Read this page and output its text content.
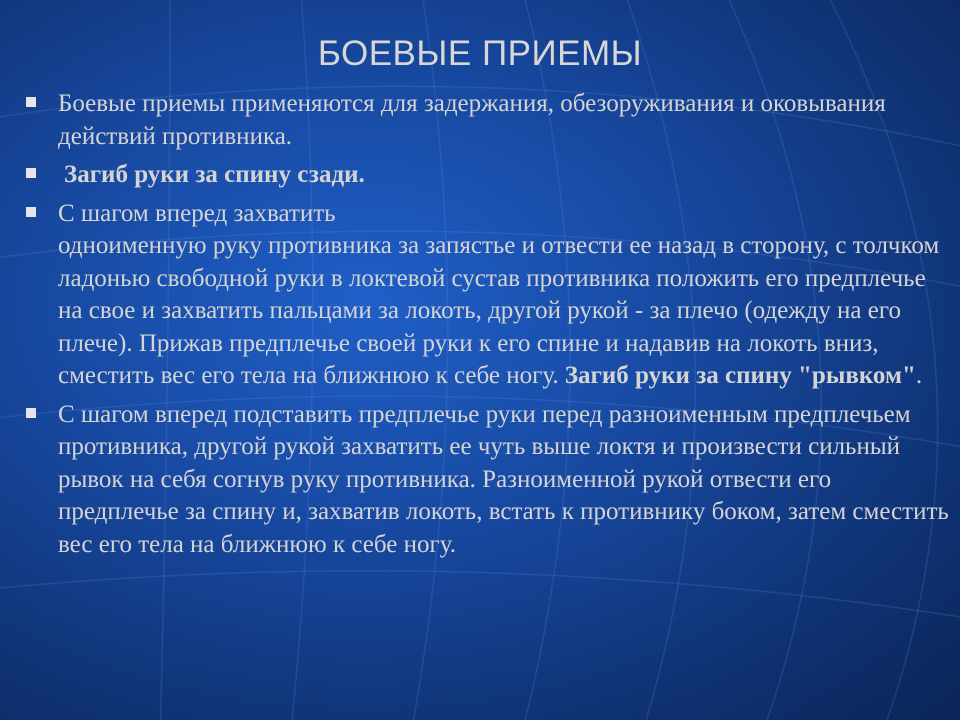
БОЕВЫЕ ПРИЕМЫ
Боевые приемы применяются для задержания, обезоруживания и оковывания действий противника.
Загиб руки за спину сзади.
С шагом вперед захватить
одноименную руку противника за запястье и отвести ее назад в сторону, с толчком ладонью свободной руки в локтевой сустав противника положить его предплечье на свое и захватить пальцами за локоть, другой рукой - за плечо (одежду на его плече). Прижав предплечье своей руки к его спине и надавив на локоть вниз, сместить вес его тела на ближнюю к себе ногу. Загиб руки за спину "рывком".
С шагом вперед подставить предплечье руки перед разноименным предплечьем противника, другой рукой захватить ее чуть выше локтя и произвести сильный рывок на себя согнув руку противника. Разноименной рукой отвести его предплечье за спину и, захватив локоть, встать к противнику боком, затем сместить вес его тела на ближнюю к себе ногу.
